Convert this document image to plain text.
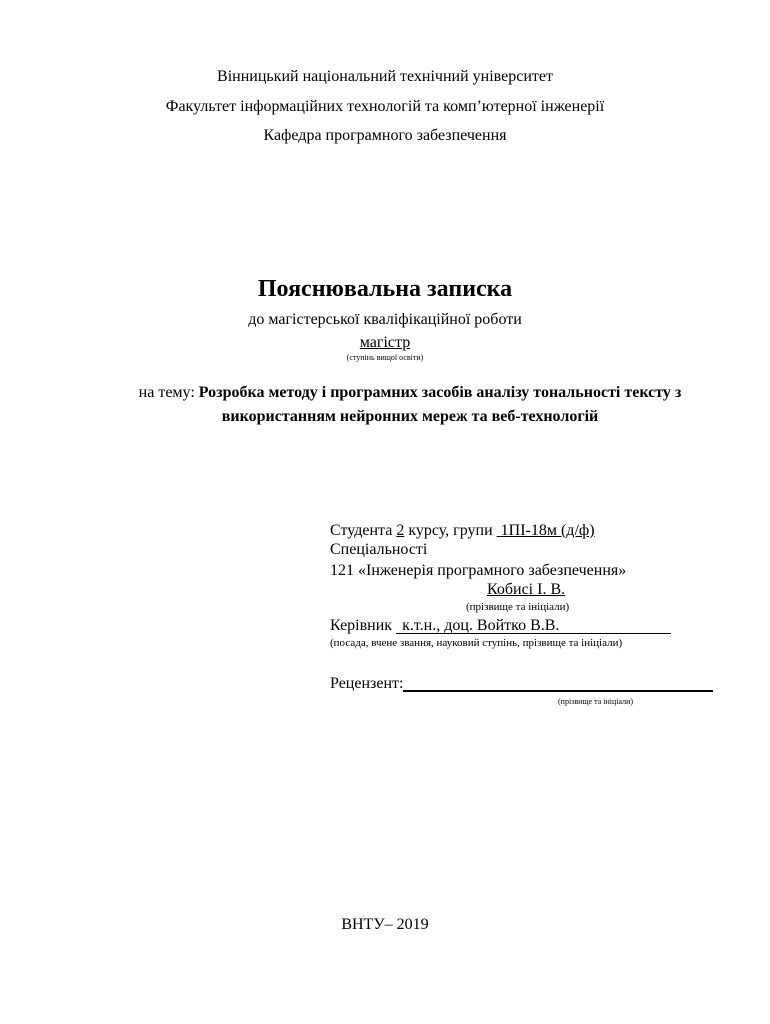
Вінницький національний технічний університет
Факультет інформаційних технологій та комп’ютерної інженерії
Кафедра програмного забезпечення
Пояснювальна записка
до магістерської кваліфікаційної роботи
магістр
(ступінь вищої освіти)
на тему: Розробка методу і програмних засобів аналізу тональності тексту з використанням нейронних мереж та веб-технологій
Студента 2 курсу, групи 1ПІ-18м (д/ф)
Спеціальності
121 «Інженерія програмного забезпечення»
Кобисі І. В.
(прізвище та ініціали)
Керівник к.т.н., доц. Войтко В.В.
(посада, вчене звання, науковий ступінь, прізвище та ініціали)
Рецензент:
(прізвище та ініціали)
ВНТУ– 2019
